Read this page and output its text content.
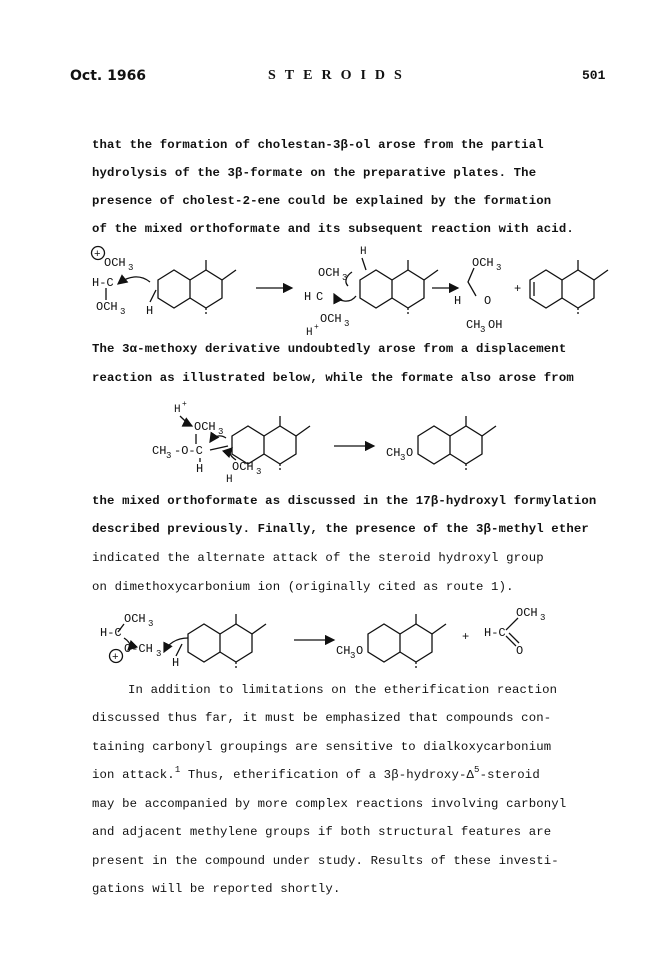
Oct. 1966	STEROIDS	501
that the formation of cholestan-3β-ol arose from the partial
hydrolysis of the 3β-formate on the preparative plates. The
presence of cholest-2-ene could be explained by the formation
of the mixed orthoformate and its subsequent reaction with acid.
+
OCH 3
H-C
OCH 3 H
H
OCH 3
H C
OCH 3
H +
OCH 3
H O
CH 3 OH
+
The 3α-methoxy derivative undoubtedly arose from a displacement
reaction as illustrated below, while the formate also arose from
H +
OCH 3
CH 3 -O-C
H OCH 3
H
CH 3 O
the mixed orthoformate as discussed in the 17β-hydroxyl formylation
described previously. Finally, the presence of the 3β-methyl ether
indicated the alternate attack of the steroid hydroxyl group
on dimethoxycarbonium ion (originally cited as route 1).
OCH 3
H-C
+
O-CH 3
H
CH 3 O
+ H-C
OCH 3
O
In addition to limitations on the etherification reaction
discussed thus far, it must be emphasized that compounds con-
taining carbonyl groupings are sensitive to dialkoxycarbonium
ion attack.$^1$ Thus, etherification of a $3\beta-hydroxy-\Delta^5$-steroid
may be accompanied by more complex reactions involving carbonyl
and adjacent methylene groups if both structural features are
present in the compound under study. Results of these investi-
gations will be reported shortly.
